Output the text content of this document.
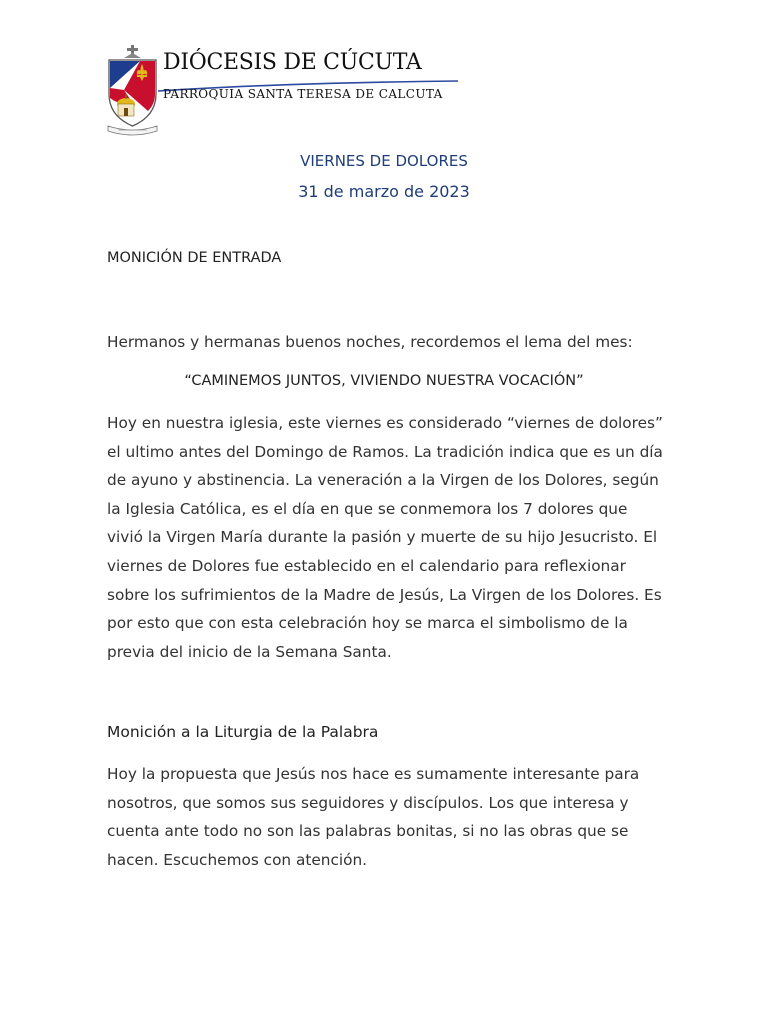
DIÓCESIS DE CÚCUTA
PARROQUIA SANTA TERESA DE CALCUTA
VIERNES DE DOLORES
31 de marzo de 2023
MONICIÓN DE ENTRADA
Hermanos y hermanas buenos noches, recordemos el lema del mes:
“CAMINEMOS JUNTOS, VIVIENDO NUESTRA VOCACIÓN”
Hoy en nuestra iglesia, este viernes es considerado “viernes de dolores” el ultimo antes del Domingo de Ramos. La tradición indica que es un día de ayuno y abstinencia. La veneración a la Virgen de los Dolores, según la Iglesia Católica, es el día en que se conmemora los 7 dolores que vivió la Virgen María durante la pasión y muerte de su hijo Jesucristo. El viernes de Dolores fue establecido en el calendario para reflexionar sobre los sufrimientos de la Madre de Jesús, La Virgen de los Dolores. Es por esto que con esta celebración hoy se marca el simbolismo de la previa del inicio de la Semana Santa.
Monición a la Liturgia de la Palabra
Hoy la propuesta que Jesús nos hace es sumamente interesante para nosotros, que somos sus seguidores y discípulos. Los que interesa y cuenta ante todo no son las palabras bonitas, si no las obras que se hacen. Escuchemos con atención.
